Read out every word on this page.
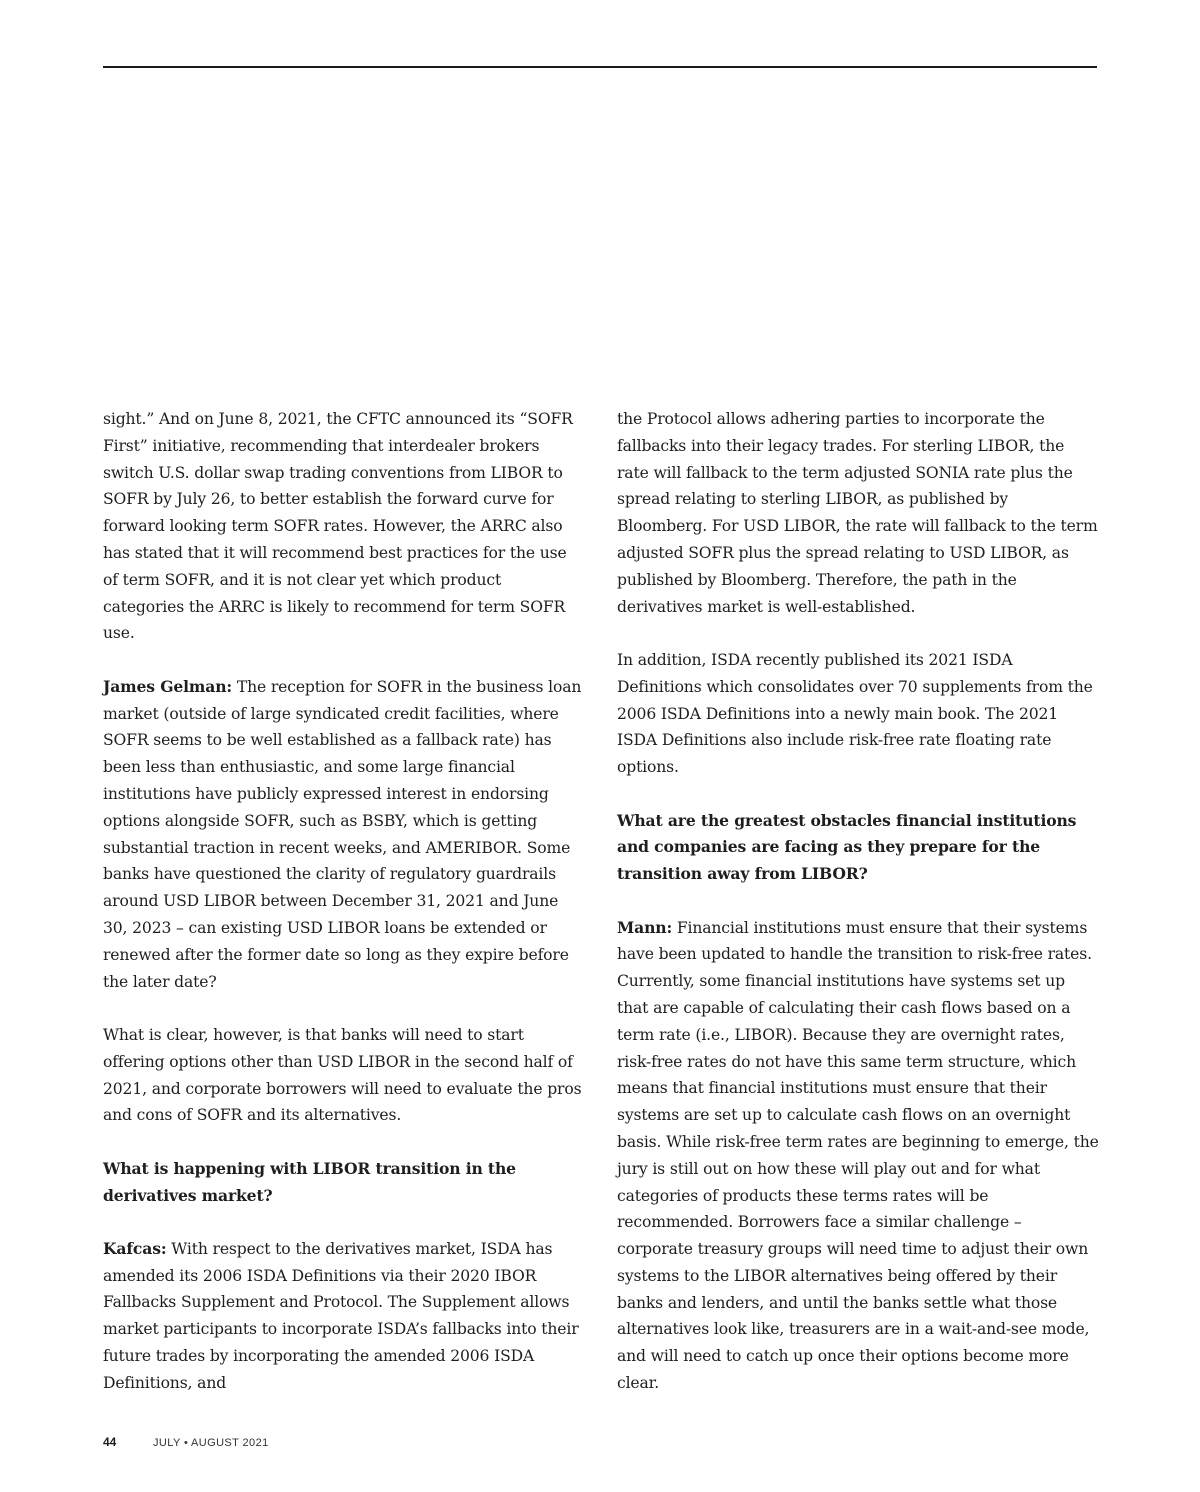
sight.” And on June 8, 2021, the CFTC announced its “SOFR First” initiative, recommending that interdealer brokers switch U.S. dollar swap trading conventions from LIBOR to SOFR by July 26, to better establish the forward curve for forward looking term SOFR rates. However, the ARRC also has stated that it will recommend best practices for the use of term SOFR, and it is not clear yet which product categories the ARRC is likely to recommend for term SOFR use.

James Gelman: The reception for SOFR in the business loan market (outside of large syndicated credit facilities, where SOFR seems to be well established as a fallback rate) has been less than enthusiastic, and some large financial institutions have publicly expressed interest in endorsing options alongside SOFR, such as BSBY, which is getting substantial traction in recent weeks, and AMERIBOR. Some banks have questioned the clarity of regulatory guardrails around USD LIBOR between December 31, 2021 and June 30, 2023 – can existing USD LIBOR loans be extended or renewed after the former date so long as they expire before the later date?

What is clear, however, is that banks will need to start offering options other than USD LIBOR in the second half of 2021, and corporate borrowers will need to evaluate the pros and cons of SOFR and its alternatives.

What is happening with LIBOR transition in the derivatives market?

Kafcas: With respect to the derivatives market, ISDA has amended its 2006 ISDA Definitions via their 2020 IBOR Fallbacks Supplement and Protocol. The Supplement allows market participants to incorporate ISDA’s fallbacks into their future trades by incorporating the amended 2006 ISDA Definitions, and

the Protocol allows adhering parties to incorporate the fallbacks into their legacy trades. For sterling LIBOR, the rate will fallback to the term adjusted SONIA rate plus the spread relating to sterling LIBOR, as published by Bloomberg. For USD LIBOR, the rate will fallback to the term adjusted SOFR plus the spread relating to USD LIBOR, as published by Bloomberg. Therefore, the path in the derivatives market is well-established.

In addition, ISDA recently published its 2021 ISDA Definitions which consolidates over 70 supplements from the 2006 ISDA Definitions into a newly main book. The 2021 ISDA Definitions also include risk-free rate floating rate options.

What are the greatest obstacles financial institutions and companies are facing as they prepare for the transition away from LIBOR?

Mann: Financial institutions must ensure that their systems have been updated to handle the transition to risk-free rates. Currently, some financial institutions have systems set up that are capable of calculating their cash flows based on a term rate (i.e., LIBOR). Because they are overnight rates, risk-free rates do not have this same term structure, which means that financial institutions must ensure that their systems are set up to calculate cash flows on an overnight basis. While risk-free term rates are beginning to emerge, the jury is still out on how these will play out and for what categories of products these terms rates will be recommended. Borrowers face a similar challenge – corporate treasury groups will need time to adjust their own systems to the LIBOR alternatives being offered by their banks and lenders, and until the banks settle what those alternatives look like, treasurers are in a wait-and-see mode, and will need to catch up once their options become more clear.

44	JULY • AUGUST 2021
